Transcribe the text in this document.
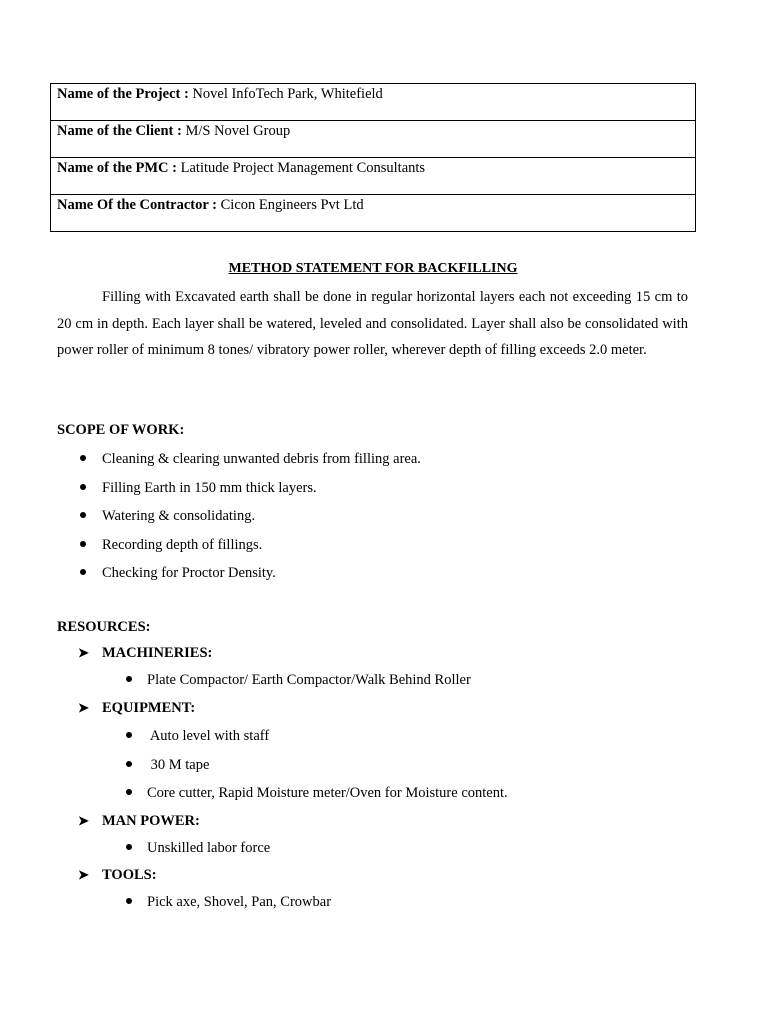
Name of the Project : Novel InfoTech Park, Whitefield
Name of the Client : M/S Novel Group
Name of the PMC : Latitude Project Management Consultants
Name Of the Contractor : Cicon Engineers Pvt Ltd
METHOD STATEMENT FOR BACKFILLING

Filling with Excavated earth shall be done in regular horizontal layers each not exceeding 15 cm to 20 cm in depth. Each layer shall be watered, leveled and consolidated. Layer shall also be consolidated with power roller of minimum 8 tones/ vibratory power roller, wherever depth of filling exceeds 2.0 meter.

SCOPE OF WORK:
Cleaning & clearing unwanted debris from filling area.
Filling Earth in 150 mm thick layers.
Watering & consolidating.
Recording depth of fillings.
Checking for Proctor Density.
RESOURCES:
➤ MACHINERIES:
Plate Compactor/ Earth Compactor/Walk Behind Roller
➤ EQUIPMENT:
Auto level with staff
30 M tape
Core cutter, Rapid Moisture meter/Oven for Moisture content.
➤ MAN POWER:
Unskilled labor force
➤ TOOLS:
Pick axe, Shovel, Pan, Crowbar
